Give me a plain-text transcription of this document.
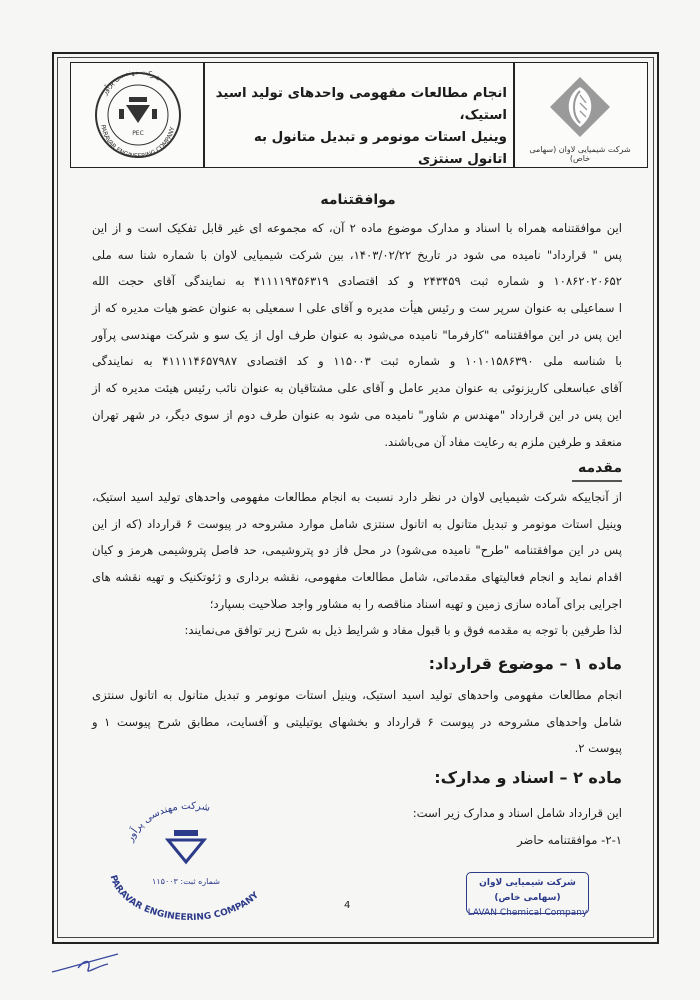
PARAVAR ENGINEERING COMPANY
شرکت مهندسی پرآور
PEC
انجام مطالعات مفهومی واحدهای تولید اسید استیک،
وینیل استات مونومر و تبدیل متانول به اتانول سنتزی
شرکت شیمیایی لاوان (سهامی خاص)
موافقتنامه
این موافقتنامه همراه با اسناد و مدارک موضوع ماده ۲ آن، که مجموعه ای غیر قابل تفکیک است و از این
پس " قرارداد" نامیده می شود در تاریخ ۱۴۰۳/۰۲/۲۲، بین شرکت شیمیایی لاوان با شماره شنا سه ملی
۱۰۸۶۲۰۲۰۶۵۲ و شماره ثبت ۲۴۳۴۵۹ و کد اقتصادی ۴۱۱۱۱۹۴۵۶۳۱۹ به نمایندگی آقای حجت الله
ا سماعیلی به عنوان سرپر ست و رئیس هیأت مدیره و آقای علی ا سمعیلی به عنوان عضو هیات مدیره که از
این پس در این موافقتنامه "کارفرما" نامیده می‌شود به عنوان طرف اول از یک سو و شرکت مهندسی پرآور
با شناسه ملی ۱۰۱۰۱۵۸۶۳۹۰ و شماره ثبت ۱۱۵۰۰۳ و کد اقتصادی ۴۱۱۱۱۴۶۵۷۹۸۷ به نمایندگی
آقای عباسعلی کاریزنوئی به عنوان مدیر عامل و آقای علی مشتاقیان به عنوان نائب رئیس هیئت مدیره که از
این پس در این قرارداد "مهندس م شاور" نامیده می شود به عنوان طرف دوم از سوی دیگر، در شهر تهران
منعقد و طرفین ملزم به رعایت مفاد آن می‌باشند.
مقدمه
از آنجاییکه شرکت شیمیایی لاوان در نظر دارد نسبت به انجام مطالعات مفهومی واحدهای تولید اسید استیک،
وینیل استات مونومر و تبدیل متانول به اتانول سنتزی شامل موارد مشروحه در پیوست ۶ قرارداد (که از این
پس در این موافقتنامه "طرح" نامیده می‌شود) در محل فاز دو پتروشیمی، حد فاصل پتروشیمی هرمز و کیان
اقدام نماید و انجام فعالیتهای مقدماتی، شامل مطالعات مفهومی، نقشه برداری و ژئوتکنیک و تهیه نقشه های
اجرایی برای آماده سازی زمین و تهیه اسناد مناقصه را به مشاور واجد صلاحیت بسپارد؛
لذا طرفین با توجه به مقدمه فوق و با قبول مفاد و شرایط ذیل به شرح زیر توافق می‌نمایند:
ماده ۱ – موضوع قرارداد:
انجام مطالعات مفهومی واحدهای تولید اسید استیک، وینیل استات مونومر و تبدیل متانول به اتانول سنتزی
شامل واحدهای مشروحه در پیوست ۶ قرارداد و بخشهای یوتیلیتی و آفسایت، مطابق شرح پیوست ۱ و
پیوست ۲.
ماده ۲ – اسناد و مدارک:
این قرارداد شامل اسناد و مدارک زیر است:
۲-۱- موافقتنامه حاضر
شرکت مهندسی پرآور
PARAVAR ENGINEERING COMPANY
شماره ثبت: ۱۱۵۰۰۳
4
شرکت شیمیایی لاوان (سهامی خاص)
LAVAN Chemical Company
